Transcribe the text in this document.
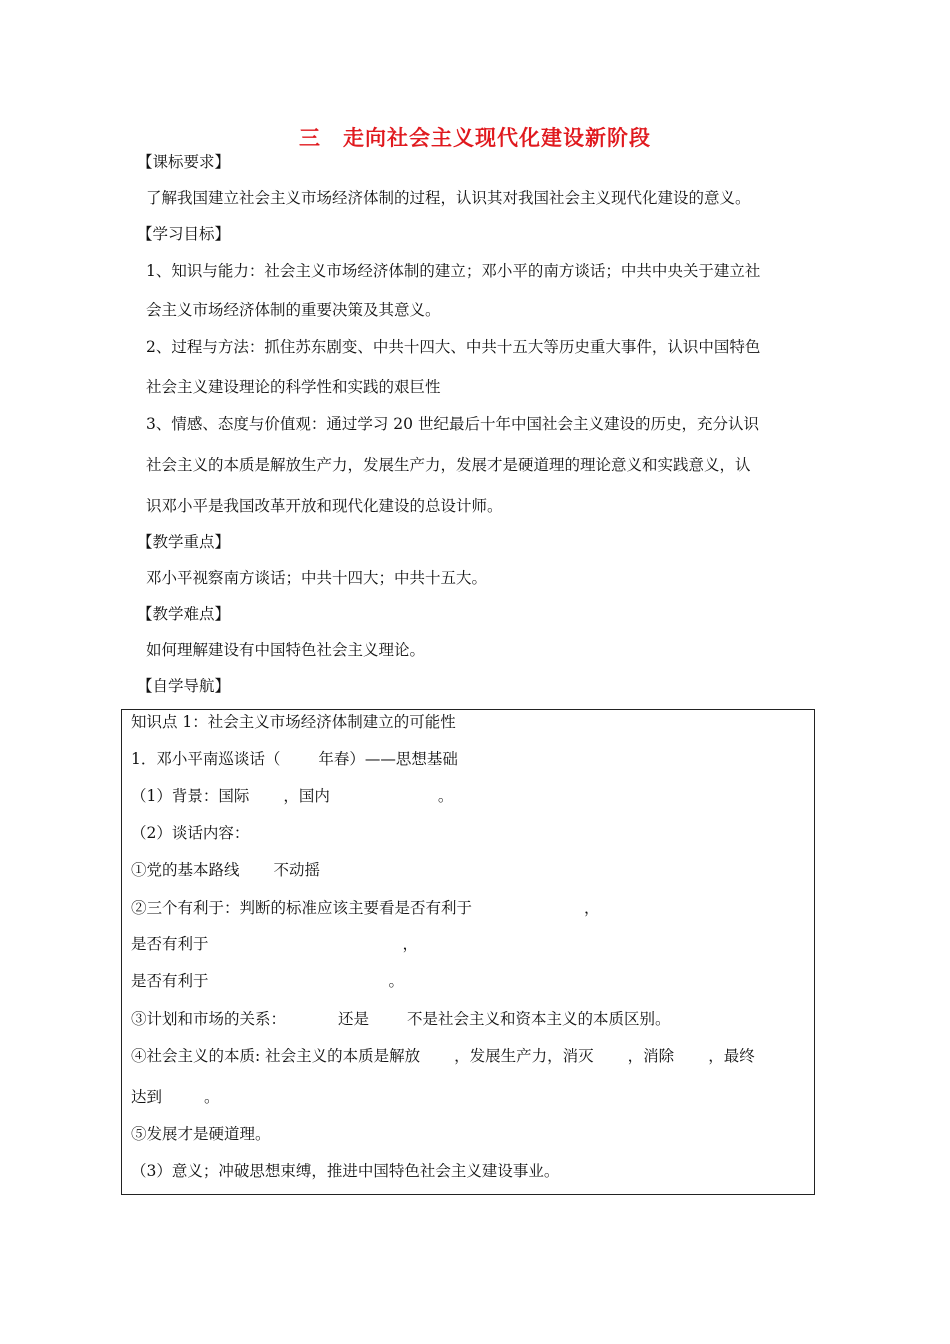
三　走向社会主义现代化建设新阶段
【课标要求】
了解我国建立社会主义市场经济体制的过程，认识其对我国社会主义现代化建设的意义。
【学习目标】
1、知识与能力：社会主义市场经济体制的建立；邓小平的南方谈话；中共中央关于建立社
会主义市场经济体制的重要决策及其意义。
2、过程与方法：抓住苏东剧变、中共十四大、中共十五大等历史重大事件，认识中国特色
社会主义建设理论的科学性和实践的艰巨性
3、情感、态度与价值观：通过学习 20 世纪最后十年中国社会主义建设的历史，充分认识
社会主义的本质是解放生产力，发展生产力，发展才是硬道理的理论意义和实践意义，认
识邓小平是我国改革开放和现代化建设的总设计师。
【教学重点】
邓小平视察南方谈话；中共十四大；中共十五大。
【教学难点】
如何理解建设有中国特色社会主义理论。
【自学导航】
知识点 1：社会主义市场经济体制建立的可能性
1．邓小平南巡谈话（ 年春）——思想基础
（1）背景：国际 ，国内	。
（2）谈话内容：
①党的基本路线 不动摇
②三个有利于：判断的标准应该主要看是否有利于	，
是否有利于	，
是否有利于	。
③计划和市场的关系：	还是 不是社会主义和资本主义的本质区别。
④社会主义的本质: 社会主义的本质是解放 ，发展生产力，消灭 ，消除 ，最终
达到	。
⑤发展才是硬道理。
（3）意义；冲破思想束缚，推进中国特色社会主义建设事业。
